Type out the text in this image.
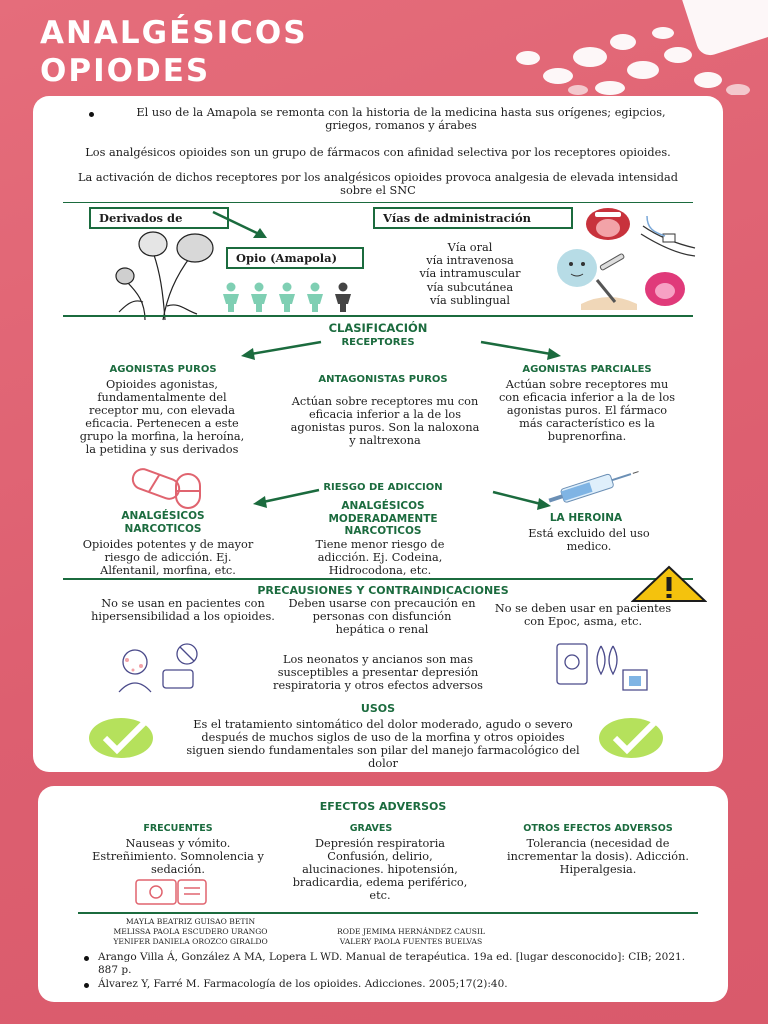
ANALGÉSICOS
OPIODES

El uso de la Amapola se remonta con la historia de la medicina hasta sus orígenes; egipcios, griegos, romanos y árabes

Los analgésicos opioides son un grupo de fármacos con afinidad selectiva por los receptores opioides.

La activación de dichos receptores por los analgésicos opioides provoca analgesia de elevada intensidad sobre el SNC

Derivados de
Opio (Amapola)
Vías de administración
Vía oral
vía intravenosa
vía intramuscular
vía subcutánea
vía sublingual

CLASIFICACIÓN

RECEPTORES

AGONISTAS PUROS

Opioides agonistas, fundamentalmente del receptor mu, con elevada eficacia. Pertenecen a este grupo la morfina, la heroína, la petidina y sus derivados

ANTAGONISTAS PUROS

Actúan sobre receptores mu con eficacia inferior a la de los agonistas puros. Son la naloxona y naltrexona

AGONISTAS PARCIALES

Actúan sobre receptores mu con eficacia inferior a la de los agonistas puros. El fármaco más característico es la buprenorfina.

RIESGO DE ADICCION

ANALGÉSICOS NARCOTICOS

Opioides potentes y de mayor riesgo de adicción. Ej. Alfentanil, morfina, etc.

ANALGÉSICOS MODERADAMENTE NARCOTICOS

Tiene menor riesgo de adicción. Ej. Codeina, Hidrocodona, etc.

LA HEROINA

Está excluido del uso medico.

PRECAUSIONES Y CONTRAINDICACIONES

No se usan en pacientes con hipersensibilidad a los opioides.

Deben usarse con precaución en personas con disfunción hepática o renal

No se deben usar en pacientes con Epoc, asma, etc.

Los neonatos y ancianos son mas susceptibles a presentar depresión respiratoria y otros efectos adversos

USOS

Es el tratamiento sintomático del dolor moderado, agudo o severo después de muchos siglos de uso de la morfina y otros opioides siguen siendo fundamentales son pilar del manejo farmacológico del dolor

EFECTOS ADVERSOS

FRECUENTES

Nauseas y vómito. Estreñimiento. Somnolencia y sedación.

GRAVES

Depresión respiratoria Confusión, delirio, alucinaciones. hipotensión, bradicardia, edema periférico, etc.

OTROS EFECTOS ADVERSOS

Tolerancia (necesidad de incrementar la dosis). Adicción. Hiperalgesia.

MAYLA BEATRIZ GUISAO BETIN
MELISSA PAOLA ESCUDERO URANGO
YENIFER DANIELA OROZCO GIRALDO
RODE JEMIMA HERNÁNDEZ CAUSIL
VALERY PAOLA FUENTES BUELVAS
Arango Villa Á, González A MA, Lopera L WD. Manual de terapéutica. 19a ed. [lugar desconocido]: CIB; 2021. 887 p.
Álvarez Y, Farré M. Farmacología de los opioides. Adicciones. 2005;17(2):40.
